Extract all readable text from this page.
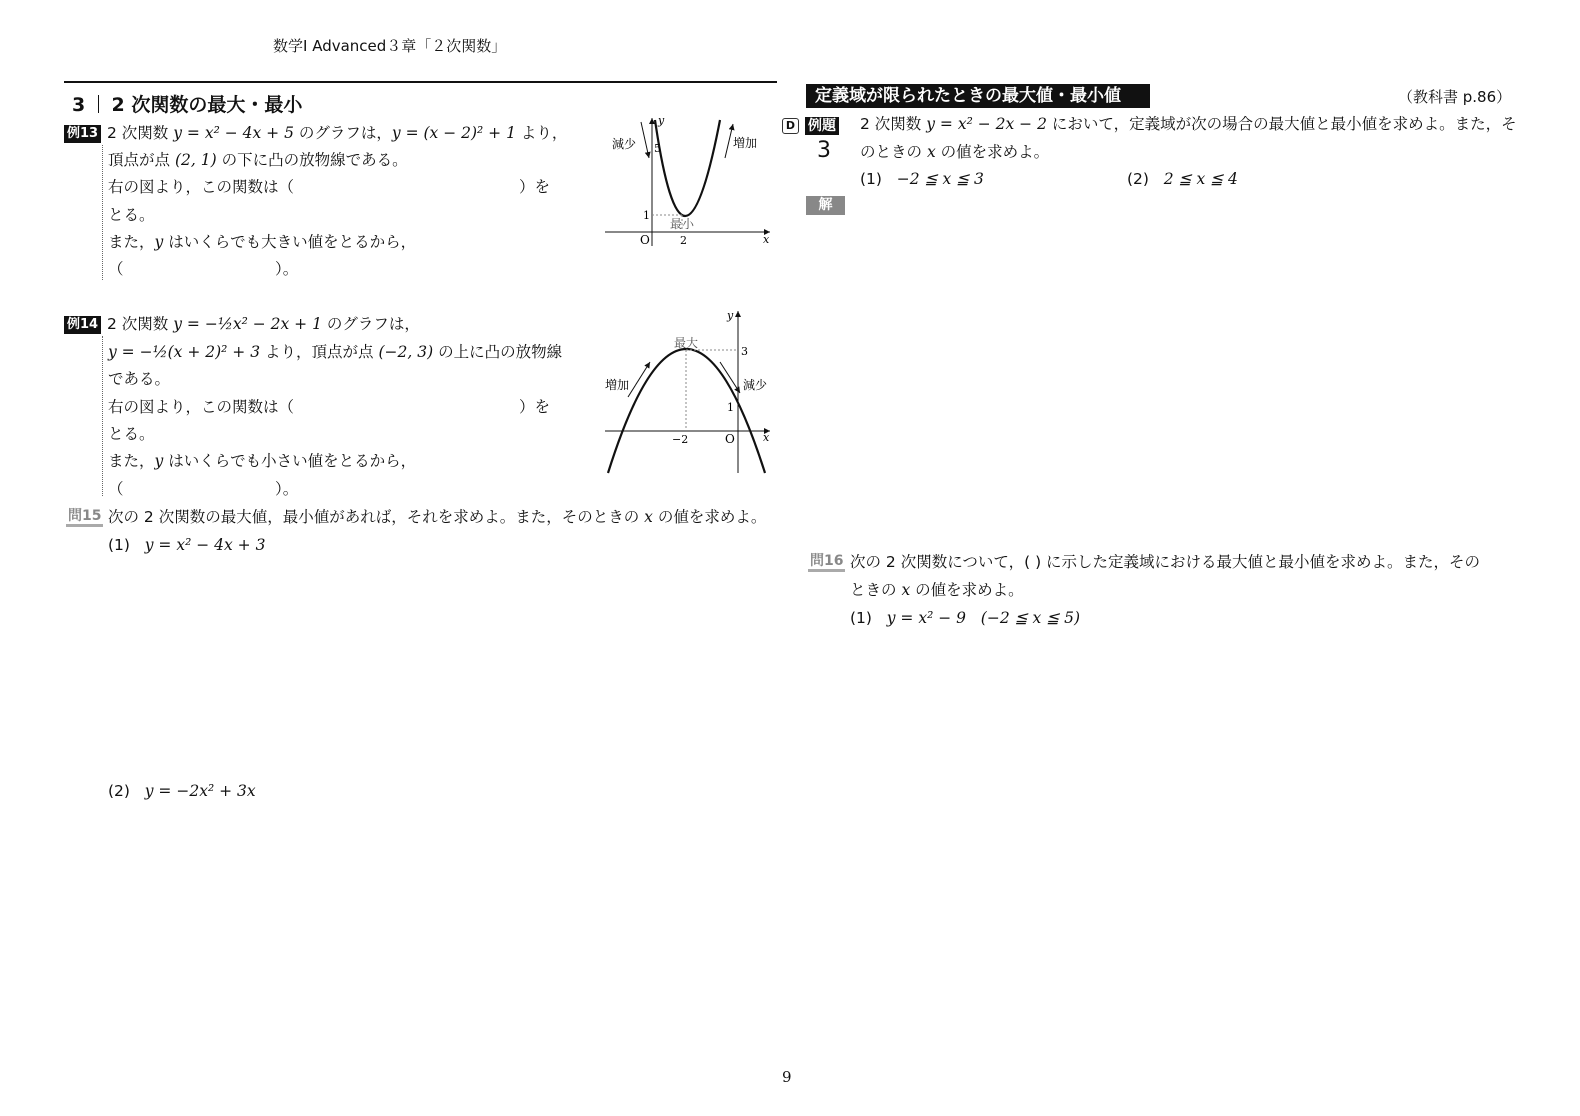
数学Ⅰ Advanced３章「２次関数」
3 2 次関数の最大・最小
例13 2 次関数 y = x² − 4x + 5 のグラフは，y = (x − 2)² + 1 より，
頂点が点 (2, 1) の下に凸の放物線である。
右の図より，この関数は（	）を
とる。
また，y はいくらでも大きい値をとるから，
（	）。
y
x
O
5
1
2
減少	増加
最小
例14 2 次関数 y = −½x² − 2x + 1 のグラフは，
y = −½(x + 2)² + 3 より，頂点が点 (−2, 3) の上に凸の放物線
である。
右の図より，この関数は（	）を
とる。
また，y はいくらでも小さい値をとるから，
（	）。
y
x
O
3
1
−2
増加	減少
最大
問15 次の 2 次関数の最大値，最小値があれば，それを求めよ。また，そのときの x の値を求めよ。
(1) y = x² − 4x + 3
(2) y = −2x² + 3x
定義域が限られたときの最大値・最小値	（教科書 p.86）
D 例題
3
2 次関数 y = x² − 2x − 2 において，定義域が次の場合の最大値と最小値を求めよ。また，そ
のときの x の値を求めよ。
(1) −2 ≦ x ≦ 3	(2) 2 ≦ x ≦ 4
解
問16 次の 2 次関数について，( ) に示した定義域における最大値と最小値を求めよ。また，その
ときの x の値を求めよ。
(1) y = x² − 9 (−2 ≦ x ≦ 5)
9
